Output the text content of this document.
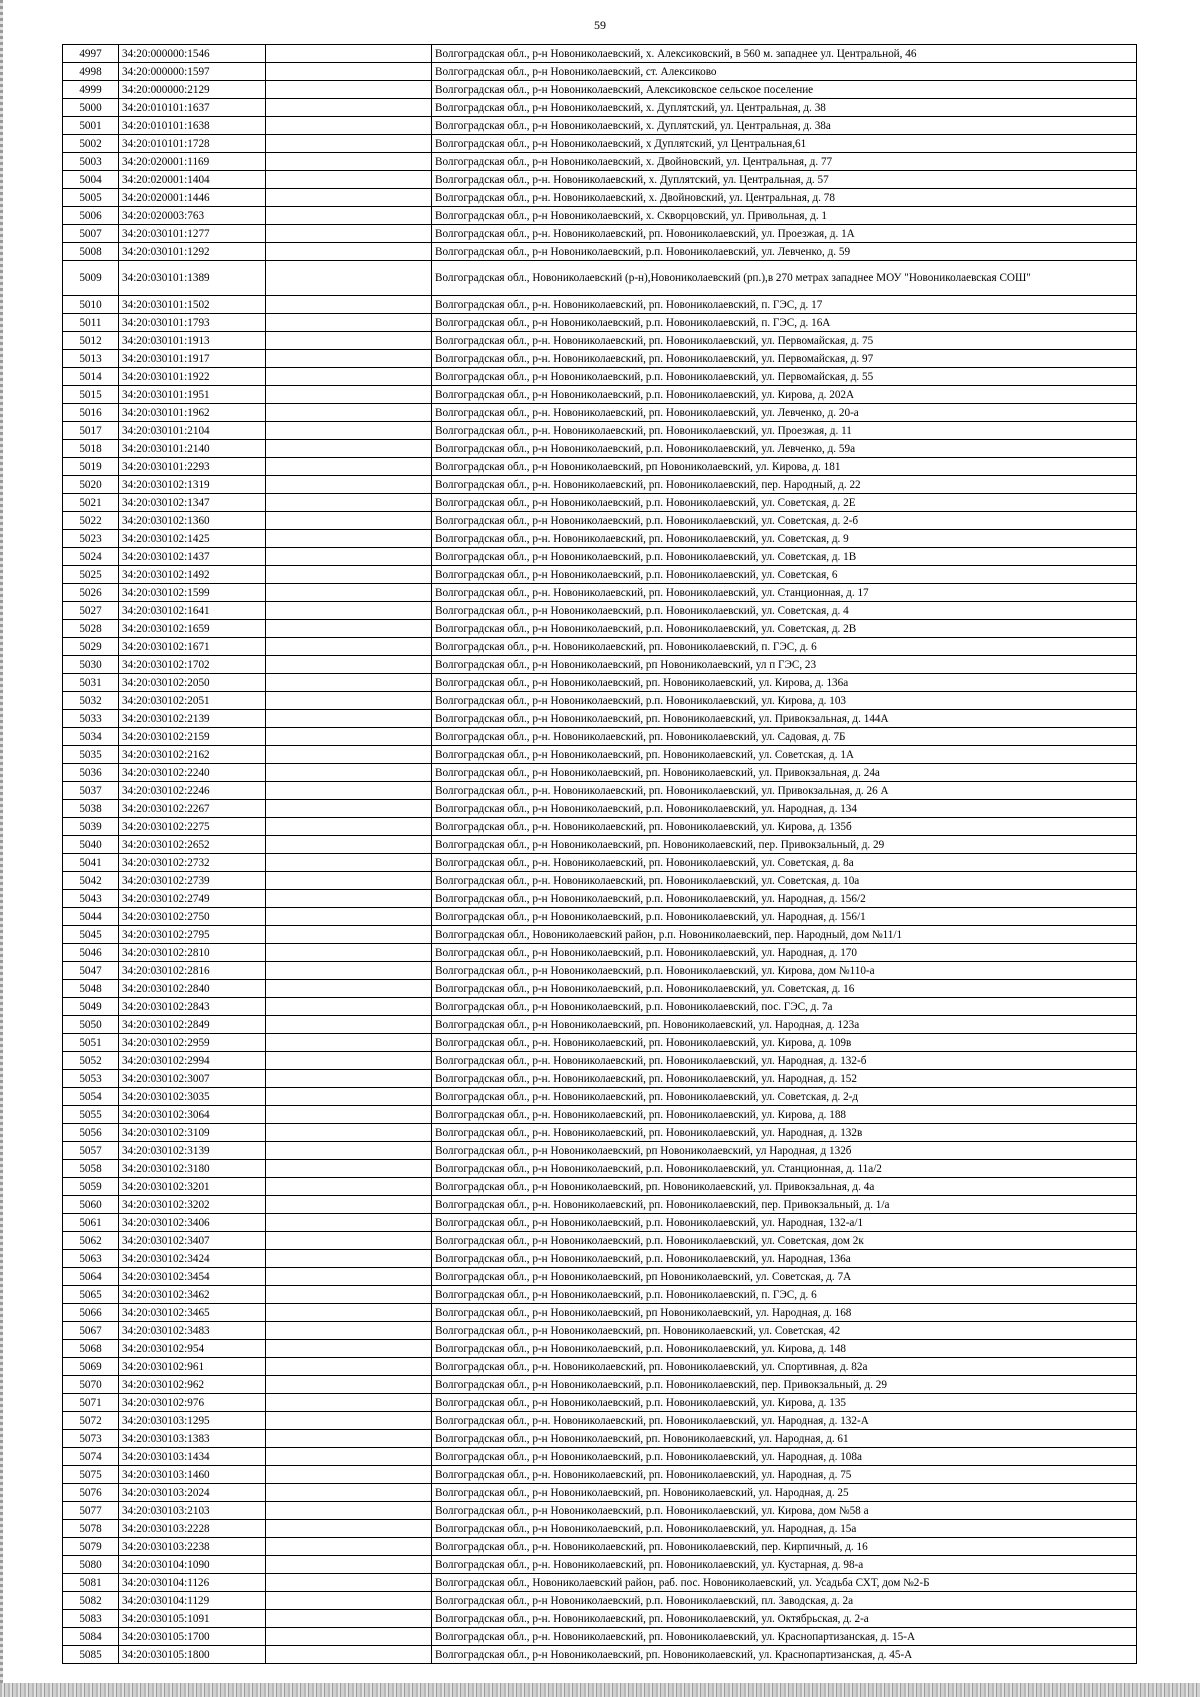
59
4997	34:20:000000:1546		Волгоградская обл., р-н Новониколаевский, х. Алексиковский, в 560 м. западнее ул. Центральной, 46
4998	34:20:000000:1597		Волгоградская обл., р-н Новониколаевский, ст. Алексиково
4999	34:20:000000:2129		Волгоградская обл., р-н Новониколаевский, Алексиковское сельское поселение
5000	34:20:010101:1637		Волгоградская обл., р-н Новониколаевский, х. Дуплятский, ул. Центральная, д. 38
5001	34:20:010101:1638		Волгоградская обл., р-н Новониколаевский, х. Дуплятский, ул. Центральная, д. 38а
5002	34:20:010101:1728		Волгоградская обл., р-н Новониколаевский, х Дуплятский, ул Центральная,61
5003	34:20:020001:1169		Волгоградская обл., р-н Новониколаевский, х. Двойновский, ул. Центральная, д. 77
5004	34:20:020001:1404		Волгоградская обл., р-н. Новониколаевский, х. Дуплятский, ул. Центральная, д. 57
5005	34:20:020001:1446		Волгоградская обл., р-н. Новониколаевский, х. Двойновский, ул. Центральная, д. 78
5006	34:20:020003:763		Волгоградская обл., р-н Новониколаевский, х. Скворцовский, ул. Привольная, д. 1
5007	34:20:030101:1277		Волгоградская обл., р-н. Новониколаевский, рп. Новониколаевский, ул. Проезжая, д. 1А
5008	34:20:030101:1292		Волгоградская обл., р-н Новониколаевский, р.п. Новониколаевский, ул. Левченко, д. 59
5009	34:20:030101:1389		Волгоградская обл., Новониколаевский (р-н),Новониколаевский (рп.),в 270 метрах западнее МОУ "Новониколаевская СОШ"
5010	34:20:030101:1502		Волгоградская обл., р-н. Новониколаевский, рп. Новониколаевский, п. ГЭС, д. 17
5011	34:20:030101:1793		Волгоградская обл., р-н Новониколаевский, р.п. Новониколаевский, п. ГЭС, д. 16А
5012	34:20:030101:1913		Волгоградская обл., р-н. Новониколаевский, рп. Новониколаевский, ул. Первомайская, д. 75
5013	34:20:030101:1917		Волгоградская обл., р-н. Новониколаевский, рп. Новониколаевский, ул. Первомайская, д. 97
5014	34:20:030101:1922		Волгоградская обл., р-н Новониколаевский, р.п. Новониколаевский, ул. Первомайская, д. 55
5015	34:20:030101:1951		Волгоградская обл., р-н Новониколаевский, р.п. Новониколаевский, ул. Кирова, д. 202А
5016	34:20:030101:1962		Волгоградская обл., р-н. Новониколаевский, рп. Новониколаевский, ул. Левченко, д. 20-а
5017	34:20:030101:2104		Волгоградская обл., р-н. Новониколаевский, рп. Новониколаевский, ул. Проезжая, д. 11
5018	34:20:030101:2140		Волгоградская обл., р-н Новониколаевский, р.п. Новониколаевский, ул. Левченко, д. 59а
5019	34:20:030101:2293		Волгоградская обл., р-н Новониколаевский, рп Новониколаевский, ул. Кирова, д. 181
5020	34:20:030102:1319		Волгоградская обл., р-н. Новониколаевский, рп. Новониколаевский, пер. Народный, д. 22
5021	34:20:030102:1347		Волгоградская обл., р-н Новониколаевский, р.п. Новониколаевский, ул. Советская, д. 2Е
5022	34:20:030102:1360		Волгоградская обл., р-н Новониколаевский, р.п. Новониколаевский, ул. Советская, д. 2-б
5023	34:20:030102:1425		Волгоградская обл., р-н. Новониколаевский, рп. Новониколаевский, ул. Советская, д. 9
5024	34:20:030102:1437		Волгоградская обл., р-н Новониколаевский, р.п. Новониколаевский, ул. Советская, д. 1В
5025	34:20:030102:1492		Волгоградская обл., р-н Новониколаевский, р.п. Новониколаевский, ул. Советская, 6
5026	34:20:030102:1599		Волгоградская обл., р-н. Новониколаевский, рп. Новониколаевский, ул. Станционная, д. 17
5027	34:20:030102:1641		Волгоградская обл., р-н Новониколаевский, р.п. Новониколаевский, ул. Советская, д. 4
5028	34:20:030102:1659		Волгоградская обл., р-н Новониколаевский, р.п. Новониколаевский, ул. Советская, д. 2В
5029	34:20:030102:1671		Волгоградская обл., р-н. Новониколаевский, рп. Новониколаевский, п. ГЭС, д. 6
5030	34:20:030102:1702		Волгоградская обл., р-н Новониколаевский, рп Новониколаевский, ул п ГЭС, 23
5031	34:20:030102:2050		Волгоградская обл., р-н Новониколаевский, рп. Новониколаевский, ул. Кирова, д. 136а
5032	34:20:030102:2051		Волгоградская обл., р-н Новониколаевский, р.п. Новониколаевский, ул. Кирова, д. 103
5033	34:20:030102:2139		Волгоградская обл., р-н Новониколаевский, рп. Новониколаевский, ул. Привокзальная, д. 144А
5034	34:20:030102:2159		Волгоградская обл., р-н. Новониколаевский, рп. Новониколаевский, ул. Садовая, д. 7Б
5035	34:20:030102:2162		Волгоградская обл., р-н Новониколаевский, рп. Новониколаевский, ул. Советская, д. 1А
5036	34:20:030102:2240		Волгоградская обл., р-н Новониколаевский, рп. Новониколаевский, ул. Привокзальная, д. 24а
5037	34:20:030102:2246		Волгоградская обл., р-н. Новониколаевский, рп. Новониколаевский, ул. Привокзальная, д. 26 А
5038	34:20:030102:2267		Волгоградская обл., р-н Новониколаевский, р.п. Новониколаевский, ул. Народная, д. 134
5039	34:20:030102:2275		Волгоградская обл., р-н. Новониколаевский, рп. Новониколаевский, ул. Кирова, д. 135б
5040	34:20:030102:2652		Волгоградская обл., р-н Новониколаевский, рп. Новониколаевский, пер. Привокзальный, д. 29
5041	34:20:030102:2732		Волгоградская обл., р-н. Новониколаевский, рп. Новониколаевский, ул. Советская, д. 8а
5042	34:20:030102:2739		Волгоградская обл., р-н. Новониколаевский, рп. Новониколаевский, ул. Советская, д. 10а
5043	34:20:030102:2749		Волгоградская обл., р-н Новониколаевский, р.п. Новониколаевский, ул. Народная, д. 156/2
5044	34:20:030102:2750		Волгоградская обл., р-н Новониколаевский, р.п. Новониколаевский, ул. Народная, д. 156/1
5045	34:20:030102:2795		Волгоградская обл., Новониколаевский район, р.п. Новониколаевский, пер. Народный, дом №11/1
5046	34:20:030102:2810		Волгоградская обл., р-н Новониколаевский, р.п. Новониколаевский, ул. Народная, д. 170
5047	34:20:030102:2816		Волгоградская обл., р-н Новониколаевский, р.п. Новониколаевский, ул. Кирова, дом №110-а
5048	34:20:030102:2840		Волгоградская обл., р-н Новониколаевский, р.п. Новониколаевский, ул. Советская, д. 16
5049	34:20:030102:2843		Волгоградская обл., р-н Новониколаевский, р.п. Новониколаевский, пос. ГЭС, д. 7а
5050	34:20:030102:2849		Волгоградская обл., р-н Новониколаевский, рп. Новониколаевский, ул. Народная, д. 123а
5051	34:20:030102:2959		Волгоградская обл., р-н. Новониколаевский, рп. Новониколаевский, ул. Кирова, д. 109в
5052	34:20:030102:2994		Волгоградская обл., р-н. Новониколаевский, рп. Новониколаевский, ул. Народная, д. 132-б
5053	34:20:030102:3007		Волгоградская обл., р-н. Новониколаевский, рп. Новониколаевский, ул. Народная, д. 152
5054	34:20:030102:3035		Волгоградская обл., р-н. Новониколаевский, рп. Новониколаевский, ул. Советская, д. 2-д
5055	34:20:030102:3064		Волгоградская обл., р-н. Новониколаевский, рп. Новониколаевский, ул. Кирова, д. 188
5056	34:20:030102:3109		Волгоградская обл., р-н. Новониколаевский, рп. Новониколаевский, ул. Народная, д. 132в
5057	34:20:030102:3139		Волгоградская обл., р-н Новониколаевский, рп Новониколаевский, ул Народная, д 132б
5058	34:20:030102:3180		Волгоградская обл., р-н Новониколаевский, р.п. Новониколаевский, ул. Станционная, д. 11а/2
5059	34:20:030102:3201		Волгоградская обл., р-н Новониколаевский, рп. Новониколаевский, ул. Привокзальная, д. 4а
5060	34:20:030102:3202		Волгоградская обл., р-н. Новониколаевский, рп. Новониколаевский, пер. Привокзальный, д. 1/а
5061	34:20:030102:3406		Волгоградская обл., р-н Новониколаевский, р.п. Новониколаевский, ул. Народная, 132-а/1
5062	34:20:030102:3407		Волгоградская обл., р-н Новониколаевский, р.п. Новониколаевский, ул. Советская, дом 2к
5063	34:20:030102:3424		Волгоградская обл., р-н Новониколаевский, р.п. Новониколаевский, ул. Народная, 136а
5064	34:20:030102:3454		Волгоградская обл., р-н Новониколаевский, рп Новониколаевский, ул. Советская, д. 7А
5065	34:20:030102:3462		Волгоградская обл., р-н Новониколаевский, р.п. Новониколаевский, п. ГЭС, д. 6
5066	34:20:030102:3465		Волгоградская обл., р-н Новониколаевский, рп Новониколаевский, ул. Народная, д. 168
5067	34:20:030102:3483		Волгоградская обл., р-н Новониколаевский, рп. Новониколаевский, ул. Советская, 42
5068	34:20:030102:954		Волгоградская обл., р-н Новониколаевский, р.п. Новониколаевский, ул. Кирова, д. 148
5069	34:20:030102:961		Волгоградская обл., р-н. Новониколаевский, рп. Новониколаевский, ул. Спортивная, д. 82а
5070	34:20:030102:962		Волгоградская обл., р-н Новониколаевский, р.п. Новониколаевский, пер. Привокзальный, д. 29
5071	34:20:030102:976		Волгоградская обл., р-н Новониколаевский, р.п. Новониколаевский, ул. Кирова, д. 135
5072	34:20:030103:1295		Волгоградская обл., р-н. Новониколаевский, рп. Новониколаевский, ул. Народная, д. 132-А
5073	34:20:030103:1383		Волгоградская обл., р-н Новониколаевский, рп. Новониколаевский, ул. Народная, д. 61
5074	34:20:030103:1434		Волгоградская обл., р-н Новониколаевский, р.п. Новониколаевский, ул. Народная, д. 108а
5075	34:20:030103:1460		Волгоградская обл., р-н. Новониколаевский, рп. Новониколаевский, ул. Народная, д. 75
5076	34:20:030103:2024		Волгоградская обл., р-н Новониколаевский, рп. Новониколаевский, ул. Народная, д. 25
5077	34:20:030103:2103		Волгоградская обл., р-н Новониколаевский, р.п. Новониколаевский, ул. Кирова, дом №58 а
5078	34:20:030103:2228		Волгоградская обл., р-н Новониколаевский, р.п. Новониколаевский, ул. Народная, д. 15а
5079	34:20:030103:2238		Волгоградская обл., р-н. Новониколаевский, рп. Новониколаевский, пер. Кирпичный, д. 16
5080	34:20:030104:1090		Волгоградская обл., р-н. Новониколаевский, рп. Новониколаевский, ул. Кустарная, д. 98-а
5081	34:20:030104:1126		Волгоградская обл., Новониколаевский район, раб. пос. Новониколаевский, ул. Усадьба СХТ, дом №2-Б
5082	34:20:030104:1129		Волгоградская обл., р-н Новониколаевский, р.п. Новониколаевский, пл. Заводская, д. 2а
5083	34:20:030105:1091		Волгоградская обл., р-н. Новониколаевский, рп. Новониколаевский, ул. Октябрьская, д. 2-а
5084	34:20:030105:1700		Волгоградская обл., р-н. Новониколаевский, рп. Новониколаевский, ул. Краснопартизанская, д. 15-А
5085	34:20:030105:1800		Волгоградская обл., р-н Новониколаевский, рп. Новониколаевский, ул. Краснопартизанская, д. 45-А
